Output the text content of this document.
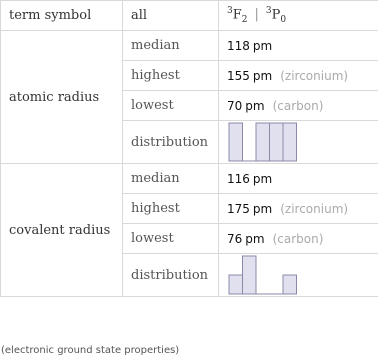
term symbol	all	$^3F_2$ | $^3P_0$
atomic radius	median	118 pm
	highest	155 pm (zirconium)
	lowest	70 pm (carbon)
	distribution	

covalent radius	median	116 pm
	highest	175 pm (zirconium)
	lowest	76 pm (carbon)
	distribution	
(electronic ground state properties)
